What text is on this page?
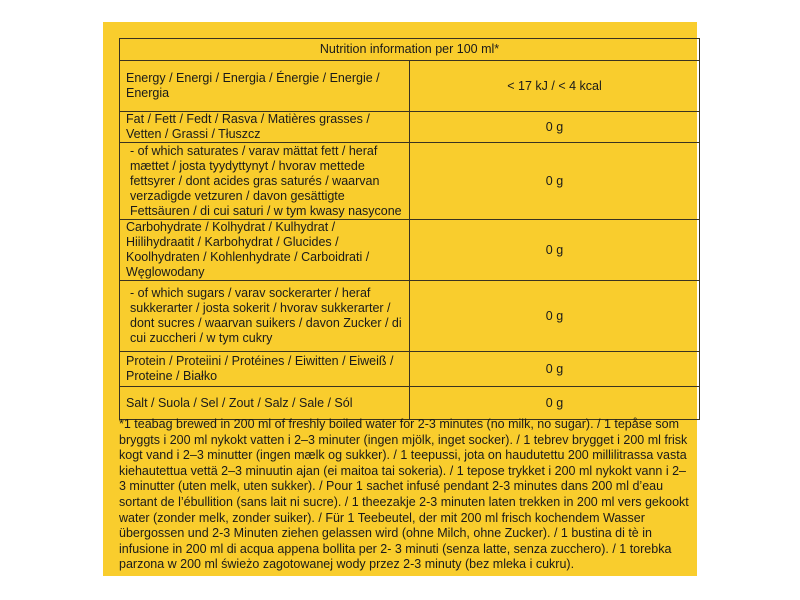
Nutrition information per 100 ml*	
Energy / Energi / Energia / Énergie / Energie / Energia	< 17 kJ / < 4 kcal
Fat / Fett / Fedt / Rasva / Matières grasses / Vetten / Grassi / Tłuszcz	0 g
- of which saturates / varav mättat fett / heraf mættet / josta tyydyttynyt / hvorav mettede fettsyrer / dont acides gras saturés / waarvan verzadigde vetzuren / davon gesättigte Fettsäuren / di cui saturi / w tym kwasy nasycone	0 g
Carbohydrate / Kolhydrat / Kulhydrat / Hiilihydraatit / Karbohydrat / Glucides / Koolhydraten / Kohlenhydrate / Carboidrati / Węglowodany	0 g
- of which sugars / varav sockerarter / heraf sukkerarter / josta sokerit / hvorav sukkerarter / dont sucres / waarvan suikers / davon Zucker / di cui zuccheri / w tym cukry	0 g
Protein / Proteiini / Protéines / Eiwitten / Eiweiß / Proteine / Białko	0 g
Salt / Suola / Sel / Zout / Salz / Sale / Sól	0 g
*1 teabag brewed in 200 ml of freshly boiled water for 2-3 minutes (no milk, no sugar). / 1 tepåse som bryggts i 200 ml nykokt vatten i 2–3 minuter (ingen mjölk, inget socker). / 1 tebrev brygget i 200 ml frisk kogt vand i 2–3 minutter (ingen mælk og sukker). / 1 teepussi, jota on haudutettu 200 millilitrassa vasta kiehautettua vettä 2–3 minuutin ajan (ei maitoa tai sokeria). / 1 tepose trykket i 200 ml nykokt vann i 2–3 minutter (uten melk, uten sukker). / Pour 1 sachet infusé pendant 2-3 minutes dans 200 ml d’eau sortant de l’ébullition (sans lait ni sucre). / 1 theezakje 2-3 minuten laten trekken in 200 ml vers gekookt water (zonder melk, zonder suiker). / Für 1 Teebeutel, der mit 200 ml frisch kochendem Wasser übergossen und 2-3 Minuten ziehen gelassen wird (ohne Milch, ohne Zucker). / 1 bustina di tè in infusione in 200 ml di acqua appena bollita per 2- 3 minuti (senza latte, senza zucchero). / 1 torebka parzona w 200 ml świeżo zagotowanej wody przez 2-3 minuty (bez mleka i cukru).
